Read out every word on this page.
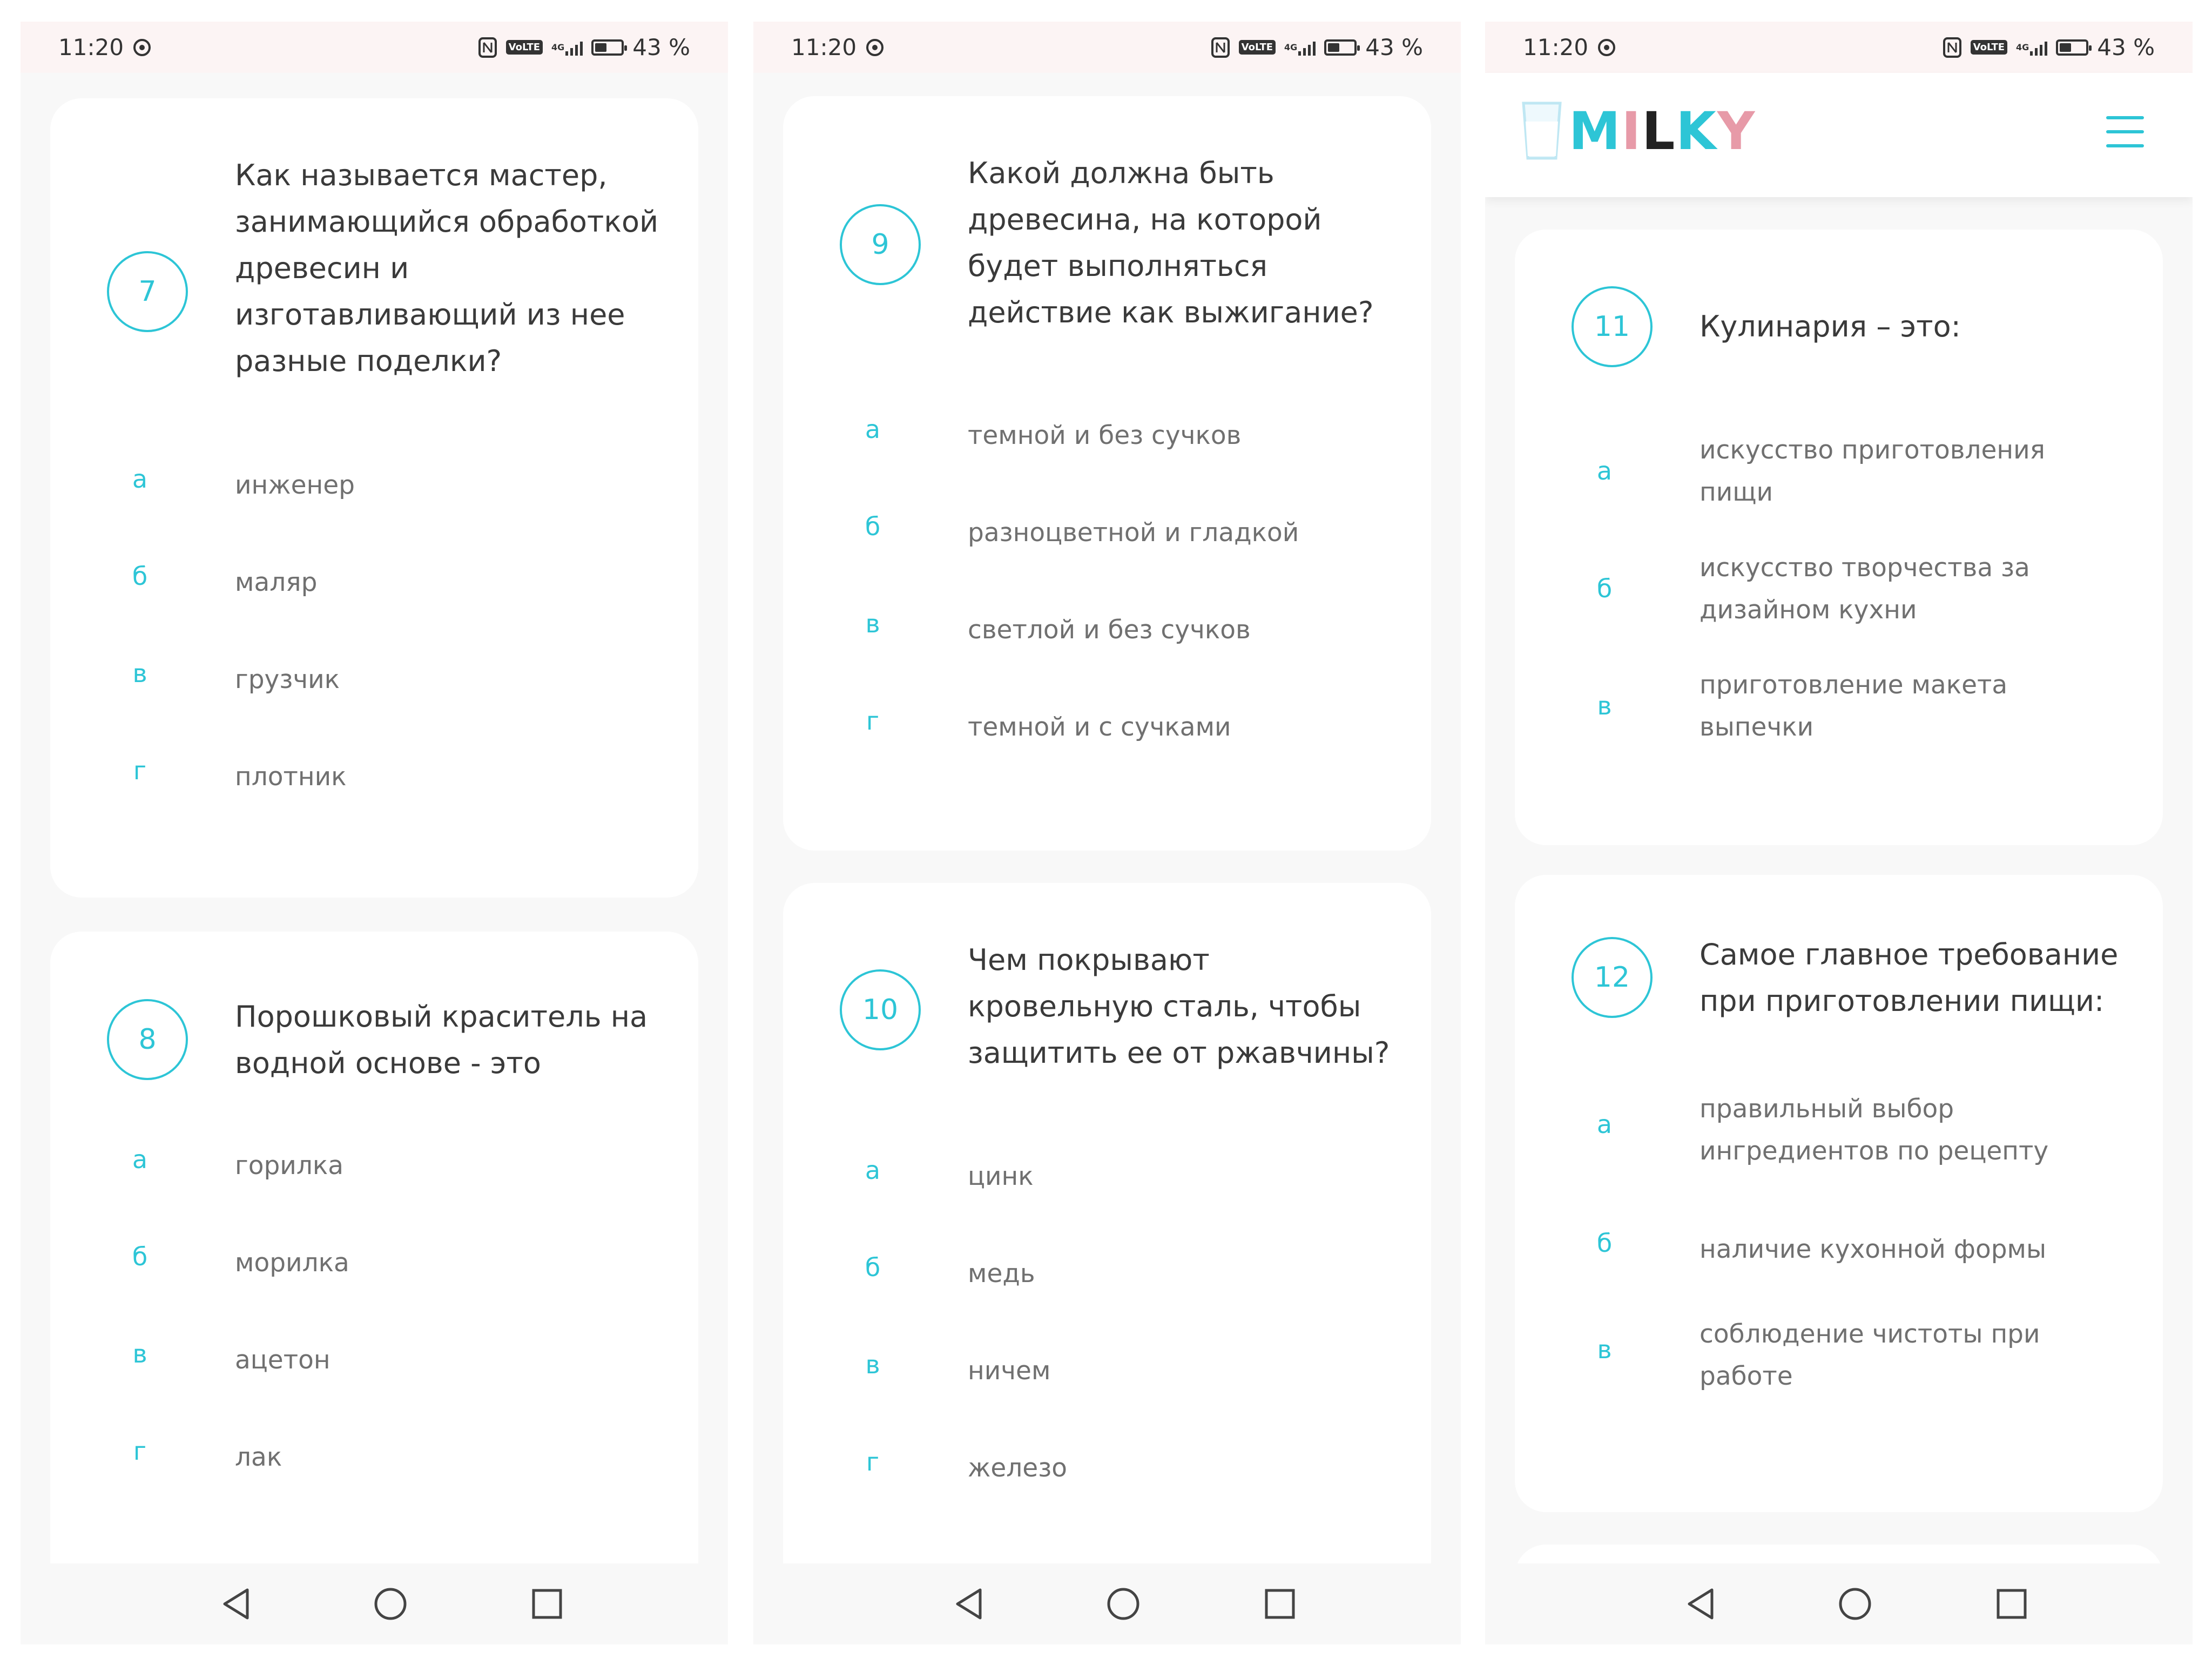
11:20	VoLTE	4G	43 %
7
Как называется мастер,
занимающийся обработкой
древесин и
изготавливающий из нее
разные поделки?
а	инженер
б	маляр
в	грузчик
г	плотник
8
Порошковый краситель на
водной основе - это
а	горилка
б	морилка
в	ацетон
г	лак
11:20	VoLTE	4G	43 %
9
Какой должна быть
древесина, на которой
будет выполняться
действие как выжигание?
а	темной и без сучков
б	разноцветной и гладкой
в	светлой и без сучков
г	темной и с сучками
10
Чем покрывают
кровельную сталь, чтобы
защитить ее от ржавчины?
а	цинк
б	медь
в	ничем
г	железо
11:20	VoLTE	4G	43 %
MILKY
11	Кулинария – это:
а
искусство приготовления
пищи
б
искусство творчества за
дизайном кухни
в
приготовление макета
выпечки
12
Самое главное требование
при приготовлении пищи:
а
правильный выбор
ингредиентов по рецепту
б	наличие кухонной формы
в
соблюдение чистоты при
работе
